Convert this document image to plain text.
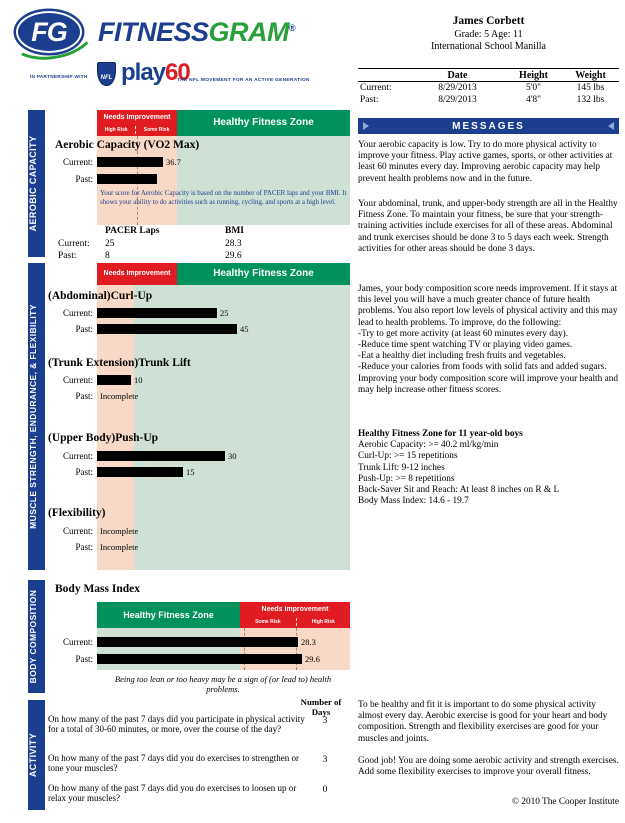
FG FITNESSGRAM®
IN PARTNERSHIP WITH NFL play60
THE NFL MOVEMENT FOR AN ACTIVE GENERATION
James Corbett
Grade: 5 Age: 11
International School Manilla
Date	Height	Weight
Current:	8/29/2013	5'0"	145 lbs
Past:	8/29/2013	4'8"	132 lbs
MESSAGES
Your aerobic capacity is low. Try to do more physical activity to improve your fitness. Play active games, sports, or other activities at least 60 minutes every day. Improving aerobic capacity may help prevent health problems now and in the future.
Your abdominal, trunk, and upper-body strength are all in the Healthy Fitness Zone. To maintain your fitness, be sure that your strength-training activities include exercises for all of these areas. Abdominal and trunk exercises should be done 3 to 5 days each week. Strength activities for other areas should be done 3 days.
James, your body composition score needs improvement. If it stays at this level you will have a much greater chance of future health problems. You also report low levels of physical activity and this may lead to health problems. To improve, do the following:
-Try to get more activity (at least 60 minutes every day).
-Reduce time spent watching TV or playing video games.
-Eat a healthy diet including fresh fruits and vegetables.
-Reduce your calories from foods with solid fats and added sugars.
Improving your body composition score will improve your health and may help increase other fitness scores.
Healthy Fitness Zone for 11 year-old boys
Aerobic Capacity: >= 40.2 ml/kg/min
Curl-Up: >= 15 repetitions
Trunk Lift: 9-12 inches
Push-Up: >= 8 repetitions
Back-Saver Sit and Reach: At least 8 inches on R & L
Body Mass Index: 14.6 - 19.7
To be healthy and fit it is important to do some physical activity almost every day. Aerobic exercise is good for your heart and body composition. Strength and flexibility exercises are good for your muscles and joints.
Good job! You are doing some aerobic activity and strength exercises. Add some flexibility exercises to improve your overall fitness.
© 2010 The Cooper Institute
AEROBIC CAPACITY
MUSCLE STRENGTH, ENDURANCE, & FLEXIBILITY
BODY COMPOSITION
ACTIVITY
Needs Improvement
High Risk	Some Risk
Healthy Fitness Zone
Aerobic Capacity (VO2 Max)
Current:	36.7
Past:
Your score for Aerobic Capacity is based on the number of PACER laps and your BMI. It shows your ability to do activities such as running, cycling, and sports at a high level.
PACER Laps	BMI
Current: 25	28.3
Past:	8	29.6
Needs Improvement	Healthy Fitness Zone
(Abdominal)Curl-Up
Current:	25
Past:	45
(Trunk Extension)Trunk Lift
Current:	10
Past: Incomplete
(Upper Body)Push-Up
Current:	30
Past:	15
(Flexibility)
Current: Incomplete
Past: Incomplete
Body Mass Index
Healthy Fitness Zone
Needs Improvement
Some Risk	High Risk
Current:	28.3
Past:	29.6
Being too lean or too heavy may be a sign of (or lead to) health problems.
Number of Days
On how many of the past 7 days did you participate in physical activity for a total of 30-60 minutes, or more, over the course of the day?
3
On how many of the past 7 days did you do exercises to strengthen or tone your muscles?
3
On how many of the past 7 days did you do exercises to loosen up or relax your muscles?
0
